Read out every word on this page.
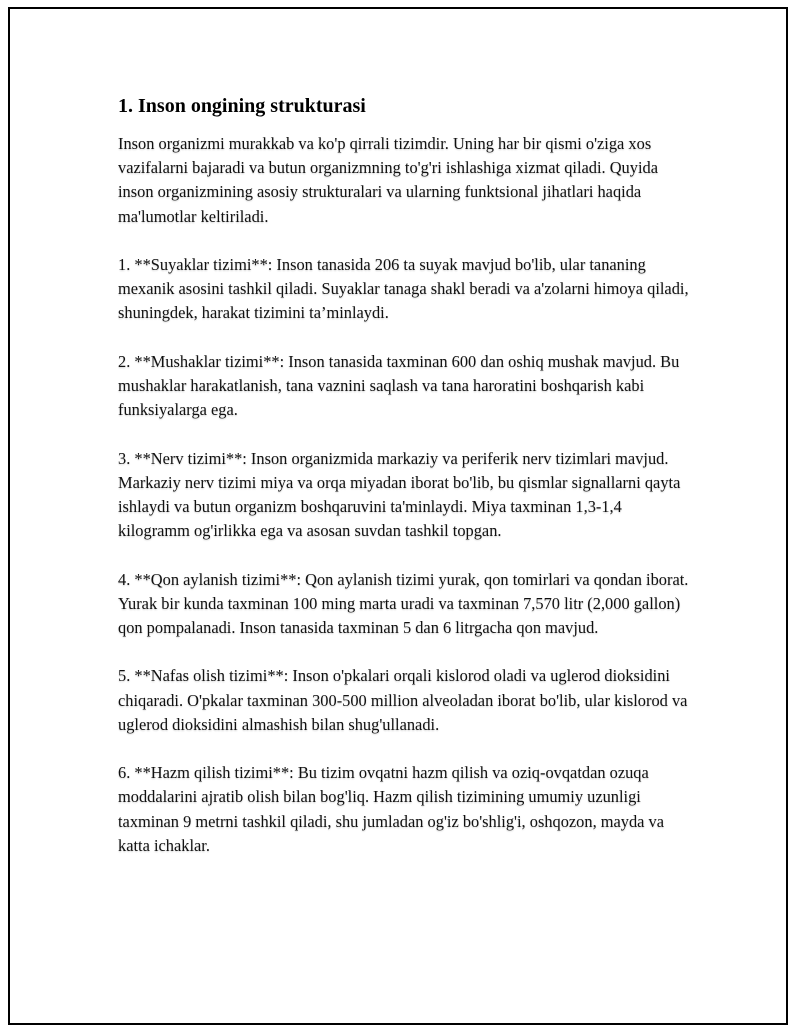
1. Inson ongining strukturasi

Inson organizmi murakkab va ko'p qirrali tizimdir. Uning har bir qismi o'ziga xos vazifalarni bajaradi va butun organizmning to'g'ri ishlashiga xizmat qiladi. Quyida inson organizmining asosiy strukturalari va ularning funktsional jihatlari haqida ma'lumotlar keltiriladi.

1. **Suyaklar tizimi**: Inson tanasida 206 ta suyak mavjud bo'lib, ular tananing mexanik asosini tashkil qiladi. Suyaklar tanaga shakl beradi va a'zolarni himoya qiladi, shuningdek, harakat tizimini ta’minlaydi.

2. **Mushaklar tizimi**: Inson tanasida taxminan 600 dan oshiq mushak mavjud. Bu mushaklar harakatlanish, tana vaznini saqlash va tana haroratini boshqarish kabi funksiyalarga ega.

3. **Nerv tizimi**: Inson organizmida markaziy va periferik nerv tizimlari mavjud. Markaziy nerv tizimi miya va orqa miyadan iborat bo'lib, bu qismlar signallarni qayta ishlaydi va butun organizm boshqaruvini ta'minlaydi. Miya taxminan 1,3-1,4 kilogramm og'irlikka ega va asosan suvdan tashkil topgan.

4. **Qon aylanish tizimi**: Qon aylanish tizimi yurak, qon tomirlari va qondan iborat. Yurak bir kunda taxminan 100 ming marta uradi va taxminan 7,570 litr (2,000 gallon) qon pompalanadi. Inson tanasida taxminan 5 dan 6 litrgacha qon mavjud.

5. **Nafas olish tizimi**: Inson o'pkalari orqali kislorod oladi va uglerod dioksidini chiqaradi. O'pkalar taxminan 300-500 million alveoladan iborat bo'lib, ular kislorod va uglerod dioksidini almashish bilan shug'ullanadi.

6. **Hazm qilish tizimi**: Bu tizim ovqatni hazm qilish va oziq-ovqatdan ozuqa moddalarini ajratib olish bilan bog'liq. Hazm qilish tizimining umumiy uzunligi taxminan 9 metrni tashkil qiladi, shu jumladan og'iz bo'shlig'i, oshqozon, mayda va katta ichaklar.
